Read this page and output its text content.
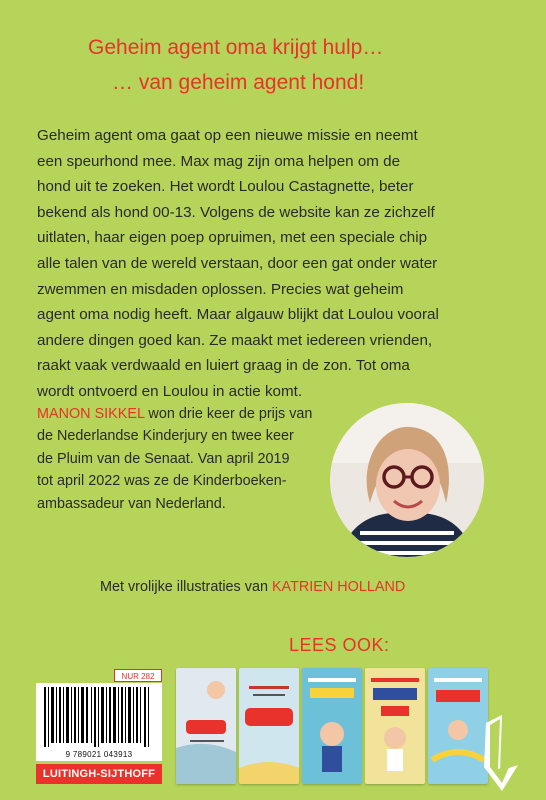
Geheim agent oma krijgt hulp…
… van geheim agent hond!

Geheim agent oma gaat op een nieuwe missie en neemt
een speurhond mee. Max mag zijn oma helpen om de
hond uit te zoeken. Het wordt Loulou Castagnette, beter
bekend als hond 00-13. Volgens de website kan ze zichzelf
uitlaten, haar eigen poep opruimen, met een speciale chip
alle talen van de wereld verstaan, door een gat onder water
zwemmen en misdaden oplossen. Precies wat geheim
agent oma nodig heeft. Maar algauw blijkt dat Loulou vooral
andere dingen goed kan. Ze maakt met iedereen vrienden,
raakt vaak verdwaald en luiert graag in de zon. Tot oma
wordt ontvoerd en Loulou in actie komt.

MANON SIKKEL won drie keer de prijs van
de Nederlandse Kinderjury en twee keer
de Pluim van de Senaat. Van april 2019
tot april 2022 was ze de Kinderboeken-
ambassadeur van Nederland.

Met vrolijke illustraties van KATRIEN HOLLAND
LEES OOK:
NUR 282
9 789021 043913
LUITINGH-SIJTHOFF
